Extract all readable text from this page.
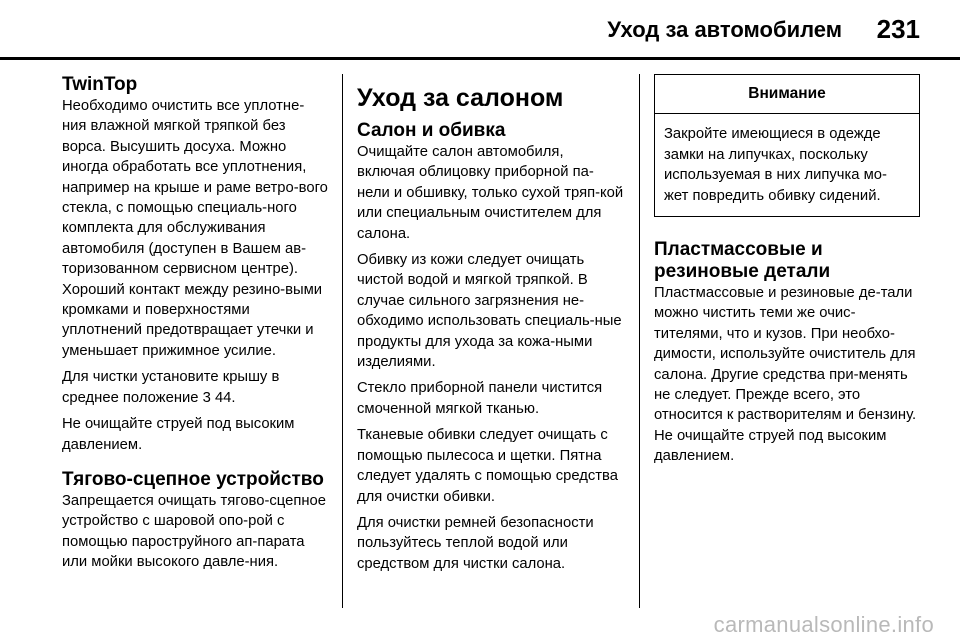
Уход за автомобилем 231
TwinTop

Необходимо очистить все уплотне-ния влажной мягкой тряпкой без ворса. Высушить досуха. Можно иногда обработать все уплотнения, например на крыше и раме ветро-вого стекла, с помощью специаль-ного комплекта для обслуживания автомобиля (доступен в Вашем ав-торизованном сервисном центре). Хороший контакт между резино-выми кромками и поверхностями уплотнений предотвращает утечки и уменьшает прижимное усилие.

Для чистки установите крышу в среднее положение 3 44.

Не очищайте струей под высоким давлением.

Тягово-сцепное устройство

Запрещается очищать тягово-сцепное устройство с шаровой опо-рой с помощью пароструйного ап-парата или мойки высокого давле-ния.

Уход за салоном
Салон и обивка

Очищайте салон автомобиля, включая облицовку приборной па-нели и обшивку, только сухой тряп-кой или специальным очистителем для салона.

Обивку из кожи следует очищать чистой водой и мягкой тряпкой. В случае сильного загрязнения не-обходимо использовать специаль-ные продукты для ухода за кожа-ными изделиями.

Стекло приборной панели чистится смоченной мягкой тканью.

Тканевые обивки следует очищать с помощью пылесоса и щетки. Пятна следует удалять с помощью средства для очистки обивки.

Для очистки ремней безопасности пользуйтесь теплой водой или средством для чистки салона.

Внимание
Закройте имеющиеся в одежде замки на липучках, поскольку используемая в них липучка мо-жет повредить обивку сидений.
Пластмассовые и резиновые детали

Пластмассовые и резиновые де-тали можно чистить теми же очис-тителями, что и кузов. При необхо-димости, используйте очиститель для салона. Другие средства при-менять не следует. Прежде всего, это относится к растворителям и бензину. Не очищайте струей под высоким давлением.

carmanualsonline.info
